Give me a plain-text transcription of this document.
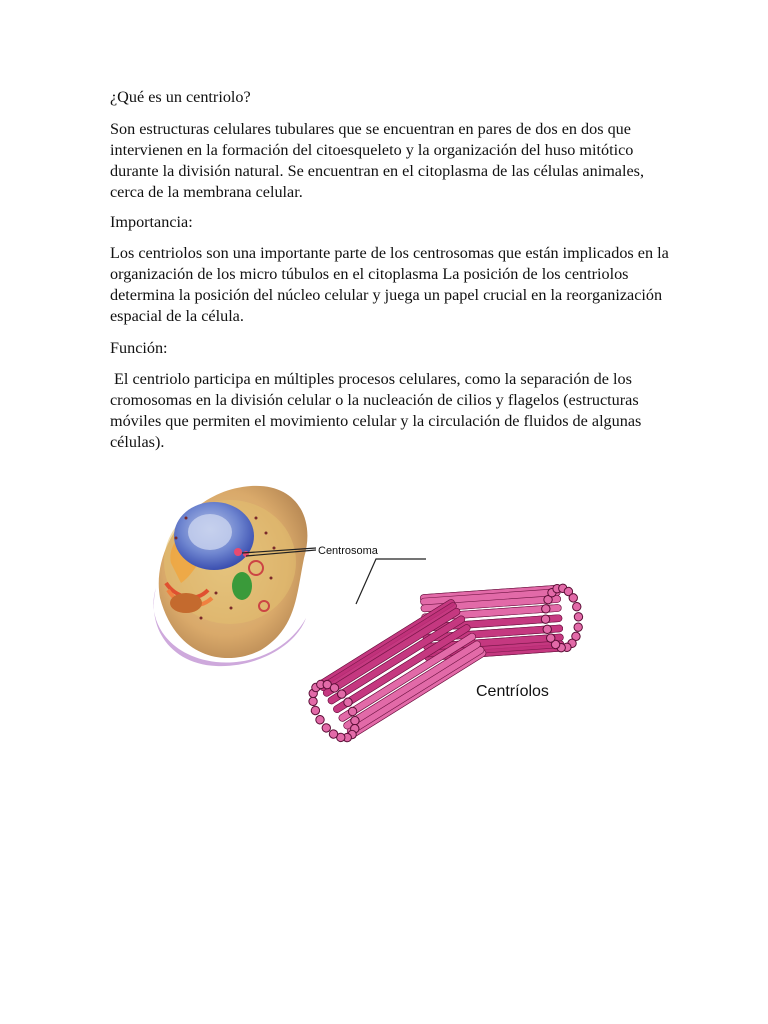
¿Qué es un centriolo?

Son estructuras celulares tubulares que se encuentran en pares de dos en dos que intervienen en la formación del citoesqueleto y la organización del huso mitótico durante la división natural. Se encuentran en el citoplasma de las células animales, cerca de la membrana celular.

Importancia:

Los centriolos son una importante parte de los centrosomas que están implicados en la organización de los micro túbulos en el citoplasma La posición de los centriolos determina la posición del núcleo celular y juega un papel crucial en la reorganización espacial de la célula.

Función:

El centriolo participa en múltiples procesos celulares, como la separación de los cromosomas en la división celular o la nucleación de cilios y flagelos (estructuras móviles que permiten el movimiento celular y la circulación de fluidos de algunas células).

Centrosoma
Centríolos
